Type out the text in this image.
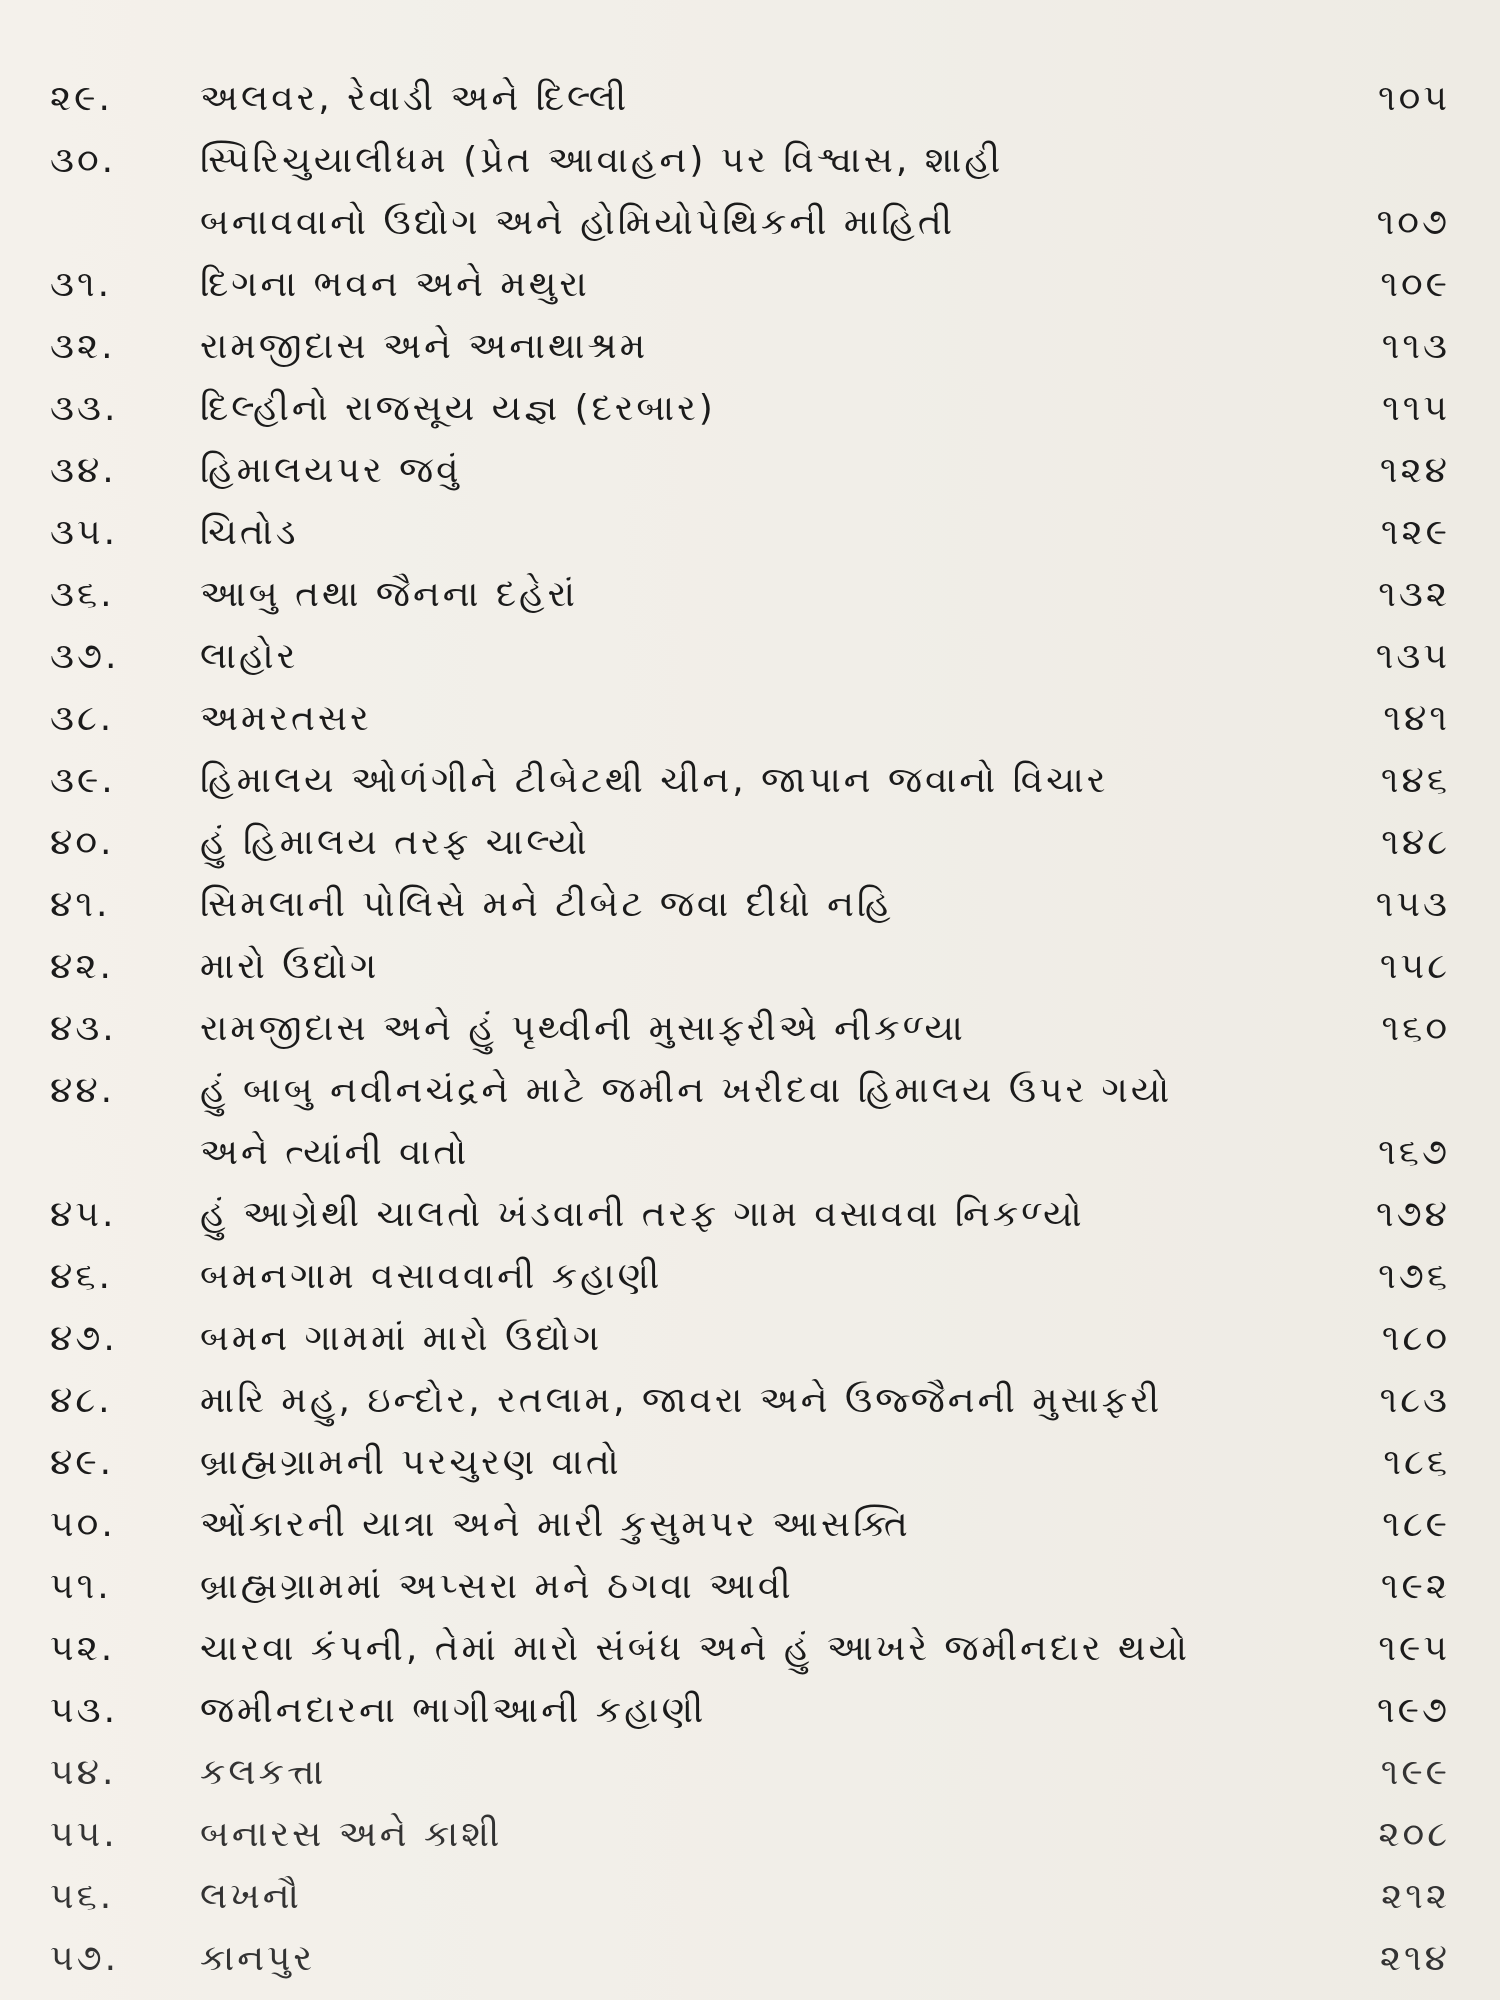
૨૯.	અલવર, રેવાડી અને દિલ્લી	૧૦૫
૩૦.	સ્પિરિચુયાલીધમ (પ્રેત આવાહન) પર વિશ્વાસ, શાહી
બનાવવાનો ઉદ્યોગ અને હોમિયોપેથિકની માહિતી	૧૦૭
૩૧.	દિગના ભવન અને મથુરા	૧૦૯
૩૨.	રામજીદાસ અને અનાથાશ્રમ	૧૧૩
૩૩.	દિલ્હીનો રાજસૂય યજ્ઞ (દરબાર)	૧૧૫
૩૪.	હિમાલયપર જવું	૧૨૪
૩૫.	ચિતોડ	૧૨૯
૩૬.	આબુ તથા જૈનના દહેરાં	૧૩૨
૩૭.	લાહોર	૧૩૫
૩૮.	અમરતસર	૧૪૧
૩૯.	હિમાલય ઓળંગીને ટીબેટથી ચીન, જાપાન જવાનો વિચાર	૧૪૬
૪૦.	હું હિમાલય તરફ ચાલ્યો	૧૪૮
૪૧.	સિમલાની પોલિસે મને ટીબેટ જવા દીધો નહિ	૧૫૩
૪૨.	મારો ઉદ્યોગ	૧૫૮
૪૩.	રામજીદાસ અને હું પૃથ્વીની મુસાફરીએ નીકળ્યા	૧૬૦
૪૪.	હું બાબુ નવીનચંદ્રને માટે જમીન ખરીદવા હિમાલય ઉપર ગયો
અને ત્યાંની વાતો	૧૬૭
૪૫.	હું આગ્રેથી ચાલતો ખંડવાની તરફ ગામ વસાવવા નિકળ્યો	૧૭૪
૪૬.	બમનગામ વસાવવાની કહાણી	૧૭૬
૪૭.	બમન ગામમાં મારો ઉદ્યોગ	૧૮૦
૪૮.	મારિ મહુ, ઇન્દોર, રતલામ, જાવરા અને ઉજ્જૈનની મુસાફરી	૧૮૩
૪૯.	બ્રાહ્મગ્રામની પરચુરણ વાતો	૧૮૬
૫૦.	ઓંકારની યાત્રા અને મારી કુસુમપર આસક્તિ	૧૮૯
૫૧.	બ્રાહ્મગ્રામમાં અપ્સરા મને ઠગવા આવી	૧૯૨
૫૨.	ચારવા કંપની, તેમાં મારો સંબંધ અને હું આખરે જમીનદાર થયો	૧૯૫
૫૩.	જમીનદારના ભાગીઆની કહાણી	૧૯૭
૫૪.	કલકત્તા	૧૯૯
૫૫.	બનારસ અને કાશી	૨૦૮
૫૬.	લખનૌ	૨૧૨
૫૭.	કાનપુર	૨૧૪
